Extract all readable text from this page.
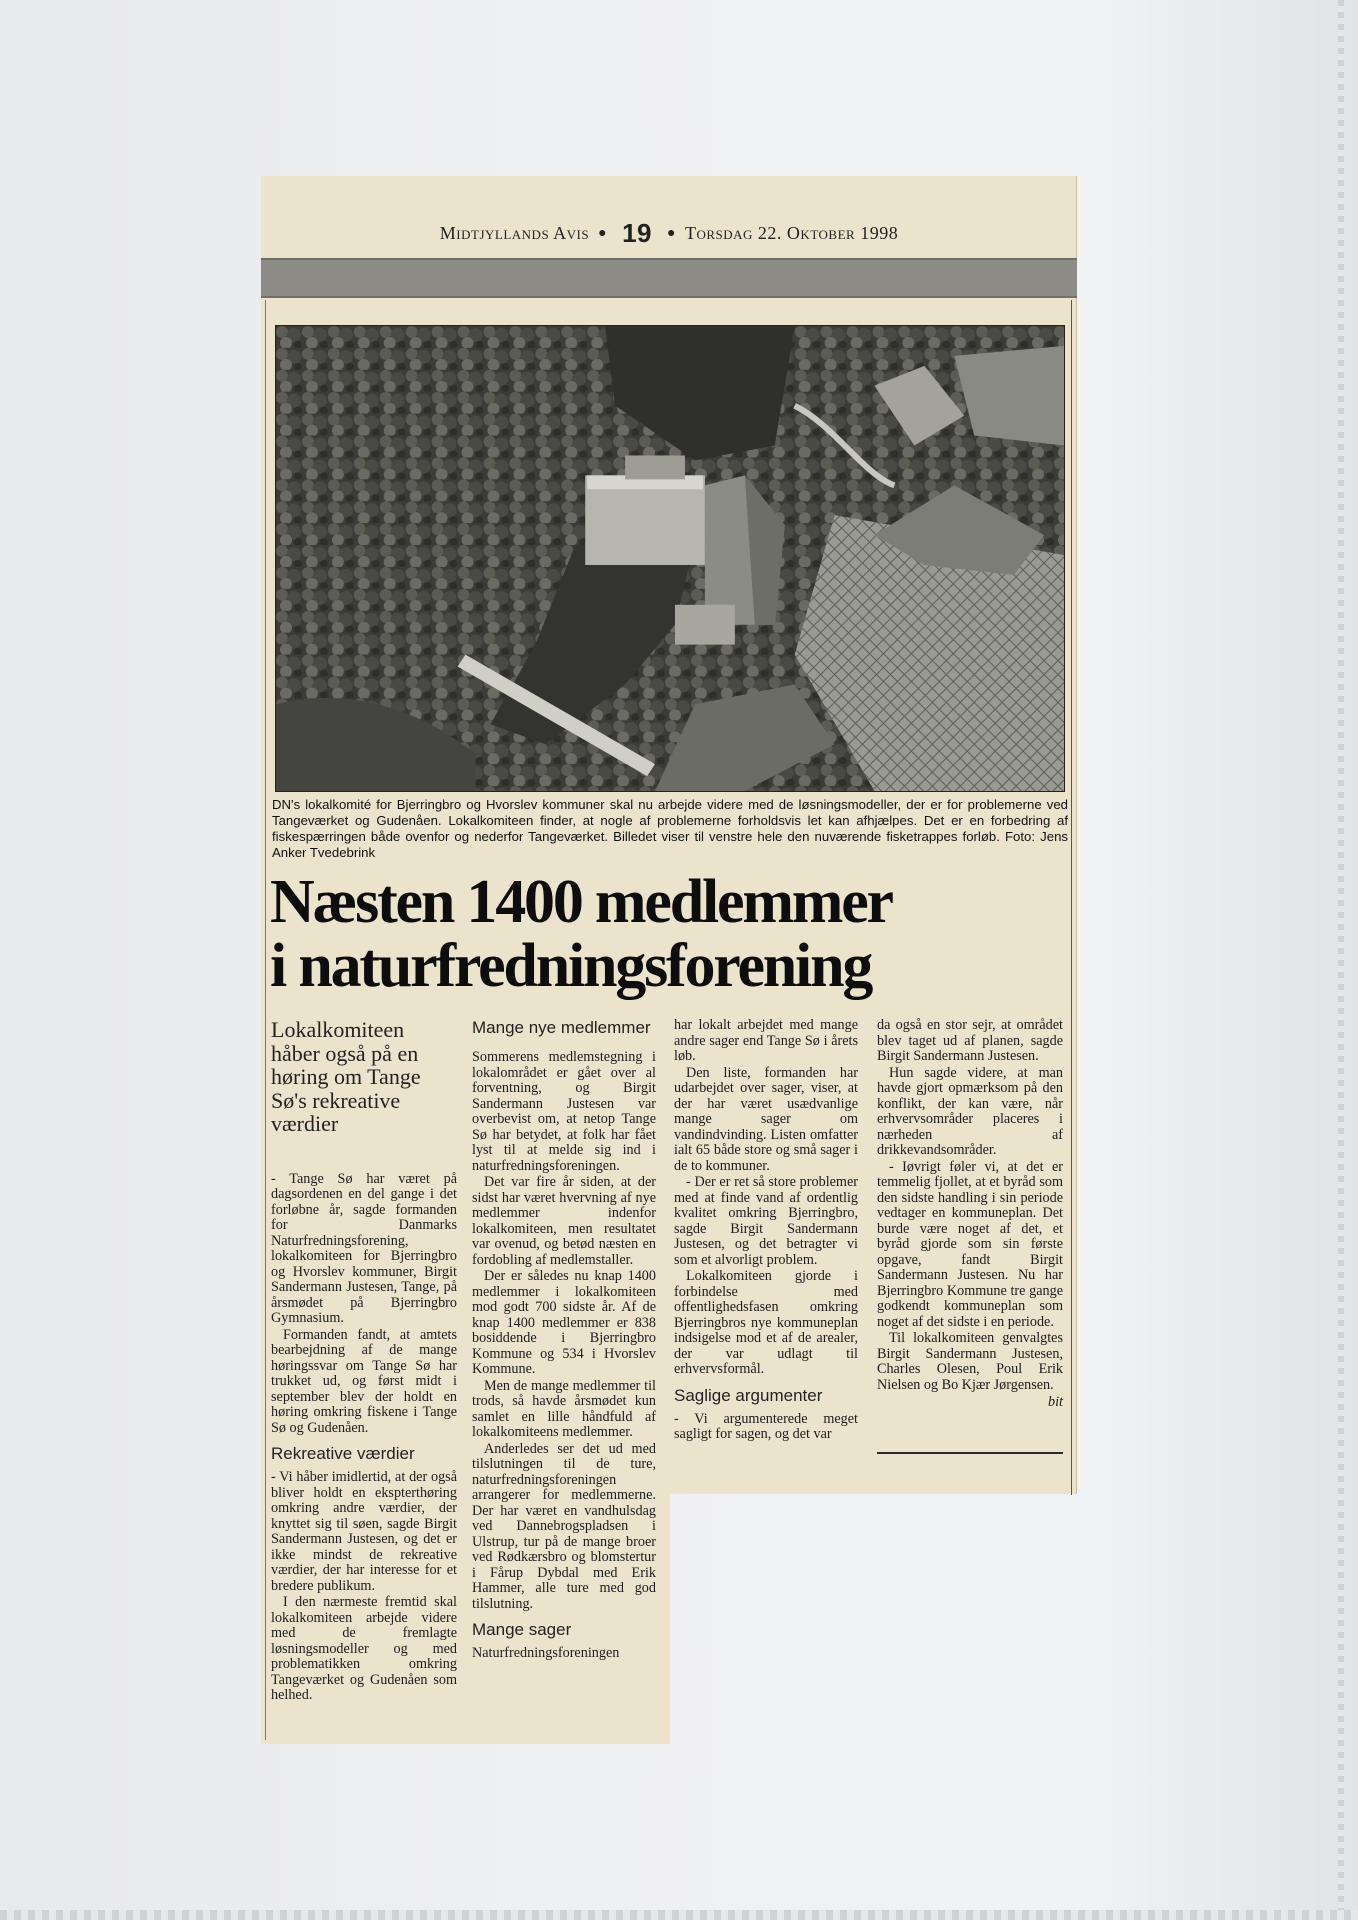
Midtjyllands Avis ● 19 ● Torsdag 22. Oktober 1998

DN's lokalkomité for Bjerringbro og Hvorslev kommuner skal nu arbejde videre med de løsningsmodeller, der er for problemerne ved Tangeværket og Gudenåen. Lokalkomiteen finder, at nogle af problemerne forholdsvis let kan afhjælpes. Det er en forbedring af fiskespærringen både ovenfor og nederfor Tangeværket. Billedet viser til venstre hele den nuværende fisketrappes forløb. Foto: Jens Anker Tvedebrink

Næsten 1400 medlemmer
i naturfredningsforening
Lokalkomiteen håber også på en høring om Tange Sø's rekreative værdier

- Tange Sø har været på dagsordenen en del gange i det forløbne år, sagde formanden for Danmarks Naturfredningsforening, lokalkomiteen for Bjerringbro og Hvorslev kommuner, Birgit Sandermann Justesen, Tange, på årsmødet på Bjerringbro Gymnasium.

Formanden fandt, at amtets bearbejdning af de mange høringssvar om Tange Sø har trukket ud, og først midt i september blev der holdt en høring omkring fiskene i Tange Sø og Gudenåen.

Rekreative værdier

- Vi håber imidlertid, at der også bliver holdt en ekspterthøring omkring andre værdier, der knyttet sig til søen, sagde Birgit Sandermann Justesen, og det er ikke mindst de rekreative værdier, der har interesse for et bredere publikum.

I den nærmeste fremtid skal lokalkomiteen arbejde videre med de fremlagte løsningsmodeller og med problematikken omkring Tangeværket og Gudenåen som helhed.

Mange nye medlemmer

Sommerens medlemstegning i lokalområdet er gået over al forventning, og Birgit Sandermann Justesen var overbevist om, at netop Tange Sø har betydet, at folk har fået lyst til at melde sig ind i naturfredningsforeningen.

Det var fire år siden, at der sidst har været hvervning af nye medlemmer indenfor lokalkomiteen, men resultatet var ovenud, og betød næsten en fordobling af medlemstaller.

Der er således nu knap 1400 medlemmer i lokalkomiteen mod godt 700 sidste år. Af de knap 1400 medlemmer er 838 bosiddende i Bjerringbro Kommune og 534 i Hvorslev Kommune.

Men de mange medlemmer til trods, så havde årsmødet kun samlet en lille håndfuld af lokalkomiteens medlemmer.

Anderledes ser det ud med tilslutningen til de ture, naturfredningsforeningen arrangerer for medlemmerne. Der har været en vandhulsdag ved Dannebrogspladsen i Ulstrup, tur på de mange broer ved Rødkærsbro og blomstertur i Fårup Dybdal med Erik Hammer, alle ture med god tilslutning.

Mange sager

Naturfredningsforeningen

har lokalt arbejdet med mange andre sager end Tange Sø i årets løb.

Den liste, formanden har udarbejdet over sager, viser, at der har været usædvanlige mange sager om vandindvinding. Listen omfatter ialt 65 både store og små sager i de to kommuner.

- Der er ret så store problemer med at finde vand af ordentlig kvalitet omkring Bjerringbro, sagde Birgit Sandermann Justesen, og det betragter vi som et alvorligt problem.

Lokalkomiteen gjorde i forbindelse med offentlighedsfasen omkring Bjerringbros nye kommuneplan indsigelse mod et af de arealer, der var udlagt til erhvervsformål.

Saglige argumenter

- Vi argumenterede meget sagligt for sagen, og det var

da også en stor sejr, at området blev taget ud af planen, sagde Birgit Sandermann Justesen.

Hun sagde videre, at man havde gjort opmærksom på den konflikt, der kan være, når erhvervsområder placeres i nærheden af drikkevandsområder.

- Iøvrigt føler vi, at det er temmelig fjollet, at et byråd som den sidste handling i sin periode vedtager en kommuneplan. Det burde være noget af det, et byråd gjorde som sin første opgave, fandt Birgit Sandermann Justesen. Nu har Bjerringbro Kommune tre gange godkendt kommuneplan som noget af det sidste i en periode.

Til lokalkomiteen genvalgtes Birgit Sandermann Justesen, Charles Olesen, Poul Erik Nielsen og Bo Kjær Jørgensen.

bit
